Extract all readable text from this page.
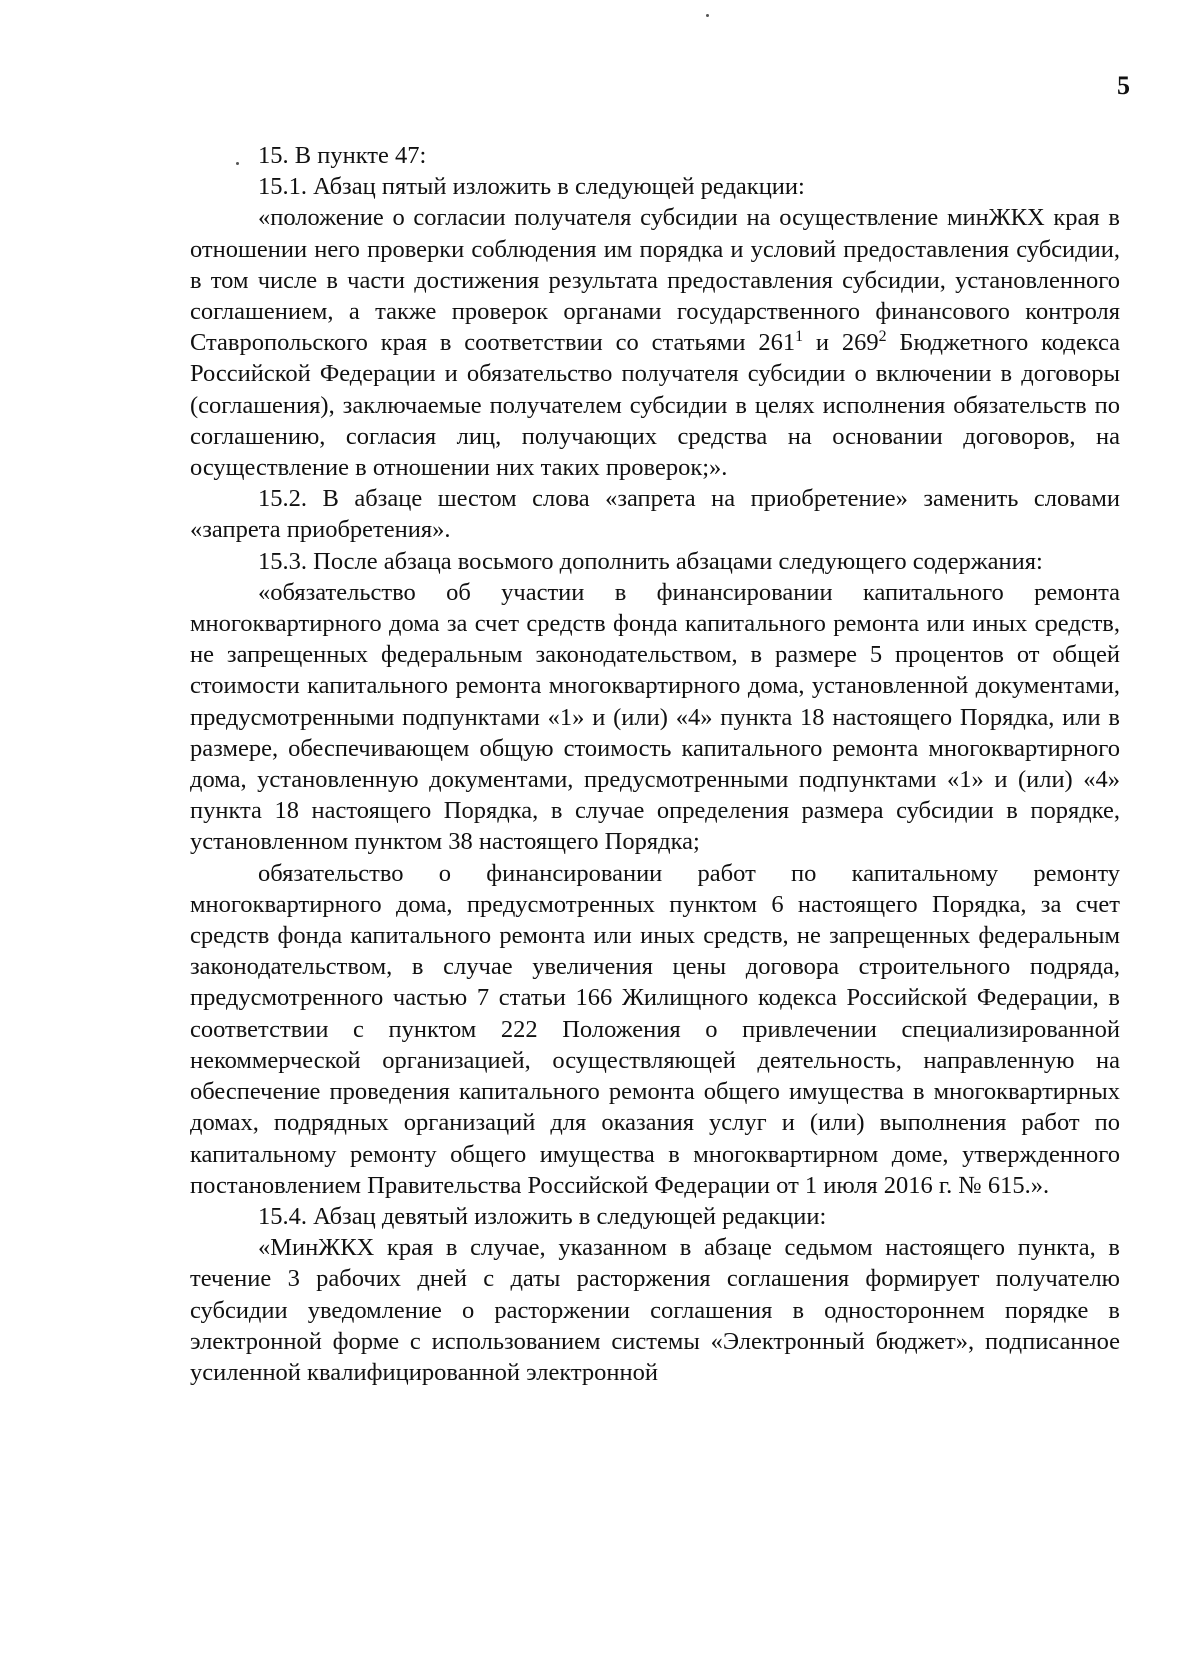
5

15. В пункте 47:

15.1. Абзац пятый изложить в следующей редакции:

«положение о согласии получателя субсидии на осуществление минЖКХ края в отношении него проверки соблюдения им порядка и условий предоставления субсидии, в том числе в части достижения результата предоставления субсидии, установленного соглашением, а также проверок органами государственного финансового контроля Ставропольского края в соответствии со статьями $261^1$ и $269^2$ Бюджетного кодекса Российской Федерации и обязательство получателя субсидии о включении в договоры (соглашения), заключаемые получателем субсидии в целях исполнения обязательств по соглашению, согласия лиц, получающих средства на основании договоров, на осуществление в отношении них таких проверок;».

15.2. В абзаце шестом слова «запрета на приобретение» заменить словами «запрета приобретения».

15.3. После абзаца восьмого дополнить абзацами следующего содержания:

«обязательство об участии в финансировании капитального ремонта многоквартирного дома за счет средств фонда капитального ремонта или иных средств, не запрещенных федеральным законодательством, в размере 5 процентов от общей стоимости капитального ремонта многоквартирного дома, установленной документами, предусмотренными подпунктами «1» и (или) «4» пункта 18 настоящего Порядка, или в размере, обеспечивающем общую стоимость капитального ремонта многоквартирного дома, установленную документами, предусмотренными подпунктами «1» и (или) «4» пункта 18 настоящего Порядка, в случае определения размера субсидии в порядке, установленном пунктом 38 настоящего Порядка;

обязательство о финансировании работ по капитальному ремонту многоквартирного дома, предусмотренных пунктом 6 настоящего Порядка, за счет средств фонда капитального ремонта или иных средств, не запрещенных федеральным законодательством, в случае увеличения цены договора строительного подряда, предусмотренного частью 7 статьи 166 Жилищного кодекса Российской Федерации, в соответствии с пунктом 222 Положения о привлечении специализированной некоммерческой организацией, осуществляющей деятельность, направленную на обеспечение проведения капитального ремонта общего имущества в многоквартирных домах, подрядных организаций для оказания услуг и (или) выполнения работ по капитальному ремонту общего имущества в многоквартирном доме, утвержденного постановлением Правительства Российской Федерации от 1 июля 2016 г. № 615.».

15.4. Абзац девятый изложить в следующей редакции:

«МинЖКХ края в случае, указанном в абзаце седьмом настоящего пункта, в течение 3 рабочих дней с даты расторжения соглашения формирует получателю субсидии уведомление о расторжении соглашения в одностороннем порядке в электронной форме с использованием системы «Электронный бюджет», подписанное усиленной квалифицированной электронной
